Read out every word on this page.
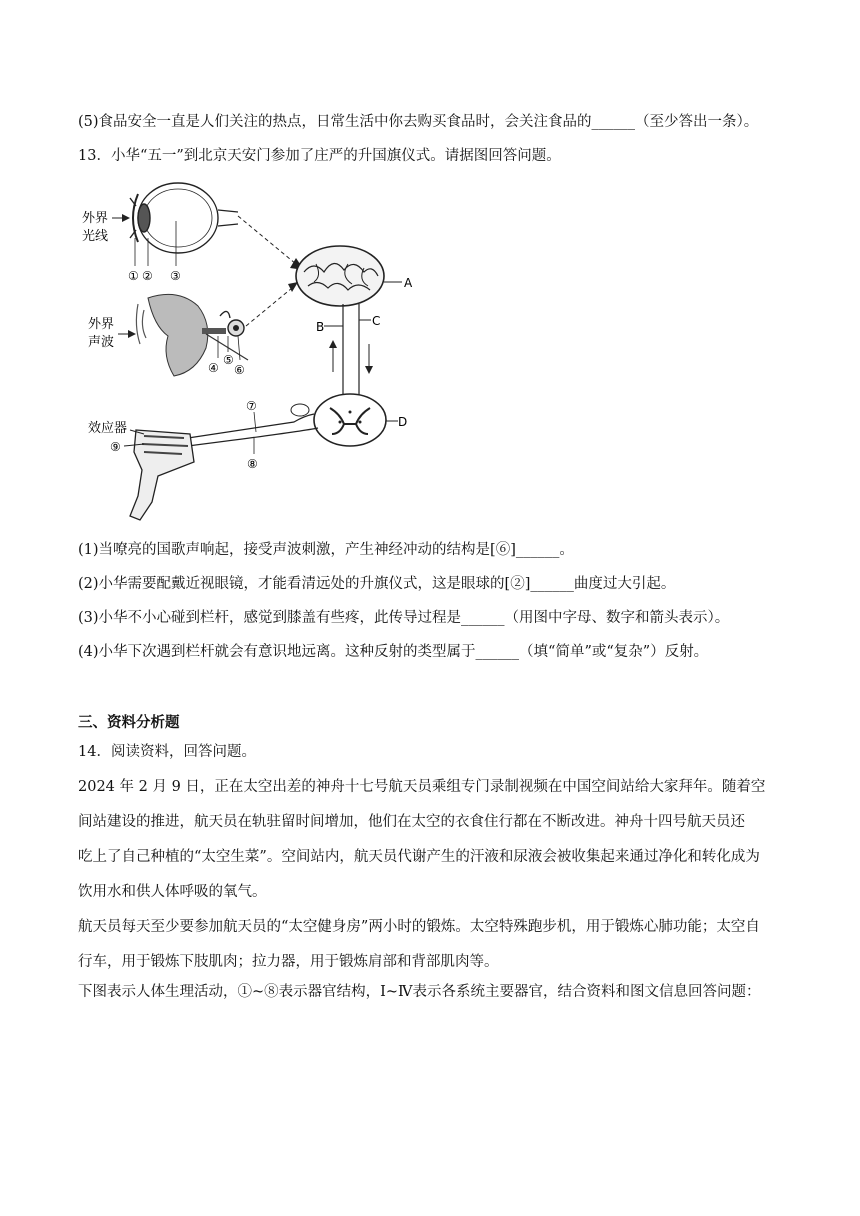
(5)食品安全一直是人们关注的热点，日常生活中你去购买食品时，会关注食品的______（至少答出一条）。
13．小华“五一”到北京天安门参加了庄严的升国旗仪式。请据图回答问题。
外界
光线
① ② ③	A
B	C
外界
声波
④
⑤
⑥
D
⑦
⑧
效应器
⑨
(1)当嘹亮的国歌声响起，接受声波刺激，产生神经冲动的结构是[⑥]______。
(2)小华需要配戴近视眼镜，才能看清远处的升旗仪式，这是眼球的[②]______曲度过大引起。
(3)小华不小心碰到栏杆，感觉到膝盖有些疼，此传导过程是______（用图中字母、数字和箭头表示）。
(4)小华下次遇到栏杆就会有意识地远离。这种反射的类型属于______（填“简单”或“复杂”）反射。
三、资料分析题
14．阅读资料，回答问题。
2024 年 2 月 9 日，正在太空出差的神舟十七号航天员乘组专门录制视频在中国空间站给大家拜年。随着空
间站建设的推进，航天员在轨驻留时间增加，他们在太空的衣食住行都在不断改进。神舟十四号航天员还
吃上了自己种植的“太空生菜”。空间站内，航天员代谢产生的汗液和尿液会被收集起来通过净化和转化成为
饮用水和供人体呼吸的氧气。
航天员每天至少要参加航天员的“太空健身房”两小时的锻炼。太空特殊跑步机，用于锻炼心肺功能；太空自
行车，用于锻炼下肢肌肉；拉力器，用于锻炼肩部和背部肌肉等。
下图表示人体生理活动，①~⑧表示器官结构，Ⅰ~Ⅳ表示各系统主要器官，结合资料和图文信息回答问题：
